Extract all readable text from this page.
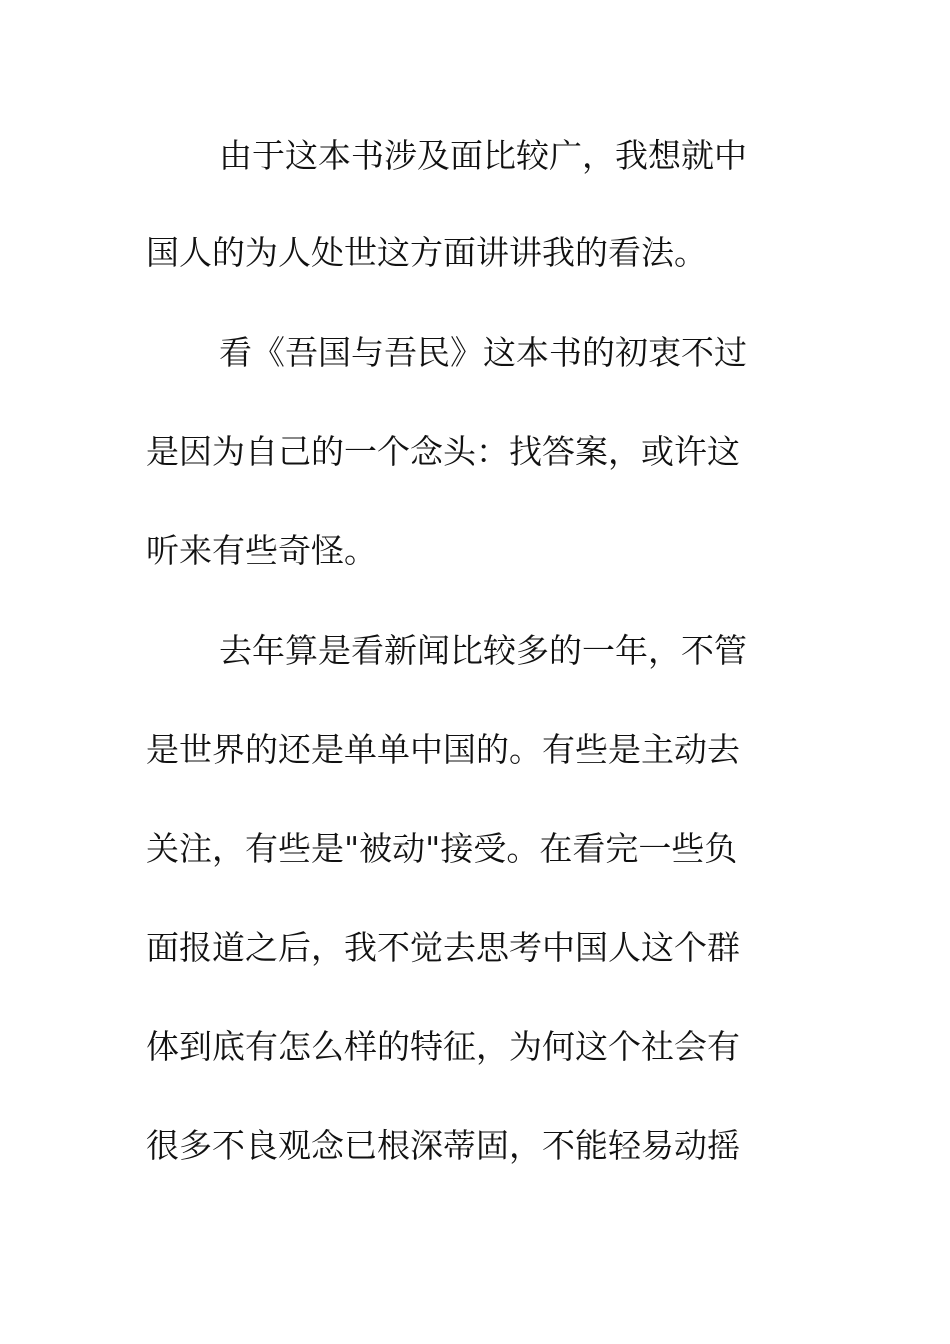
由于这本书涉及面比较广，我想就中
国人的为人处世这方面讲讲我的看法。
看《吾国与吾民》这本书的初衷不过
是因为自己的一个念头：找答案，或许这
听来有些奇怪。
去年算是看新闻比较多的一年，不管
是世界的还是单单中国的。有些是主动去
关注，有些是"被动"接受。在看完一些负
面报道之后，我不觉去思考中国人这个群
体到底有怎么样的特征，为何这个社会有
很多不良观念已根深蒂固，不能轻易动摇
